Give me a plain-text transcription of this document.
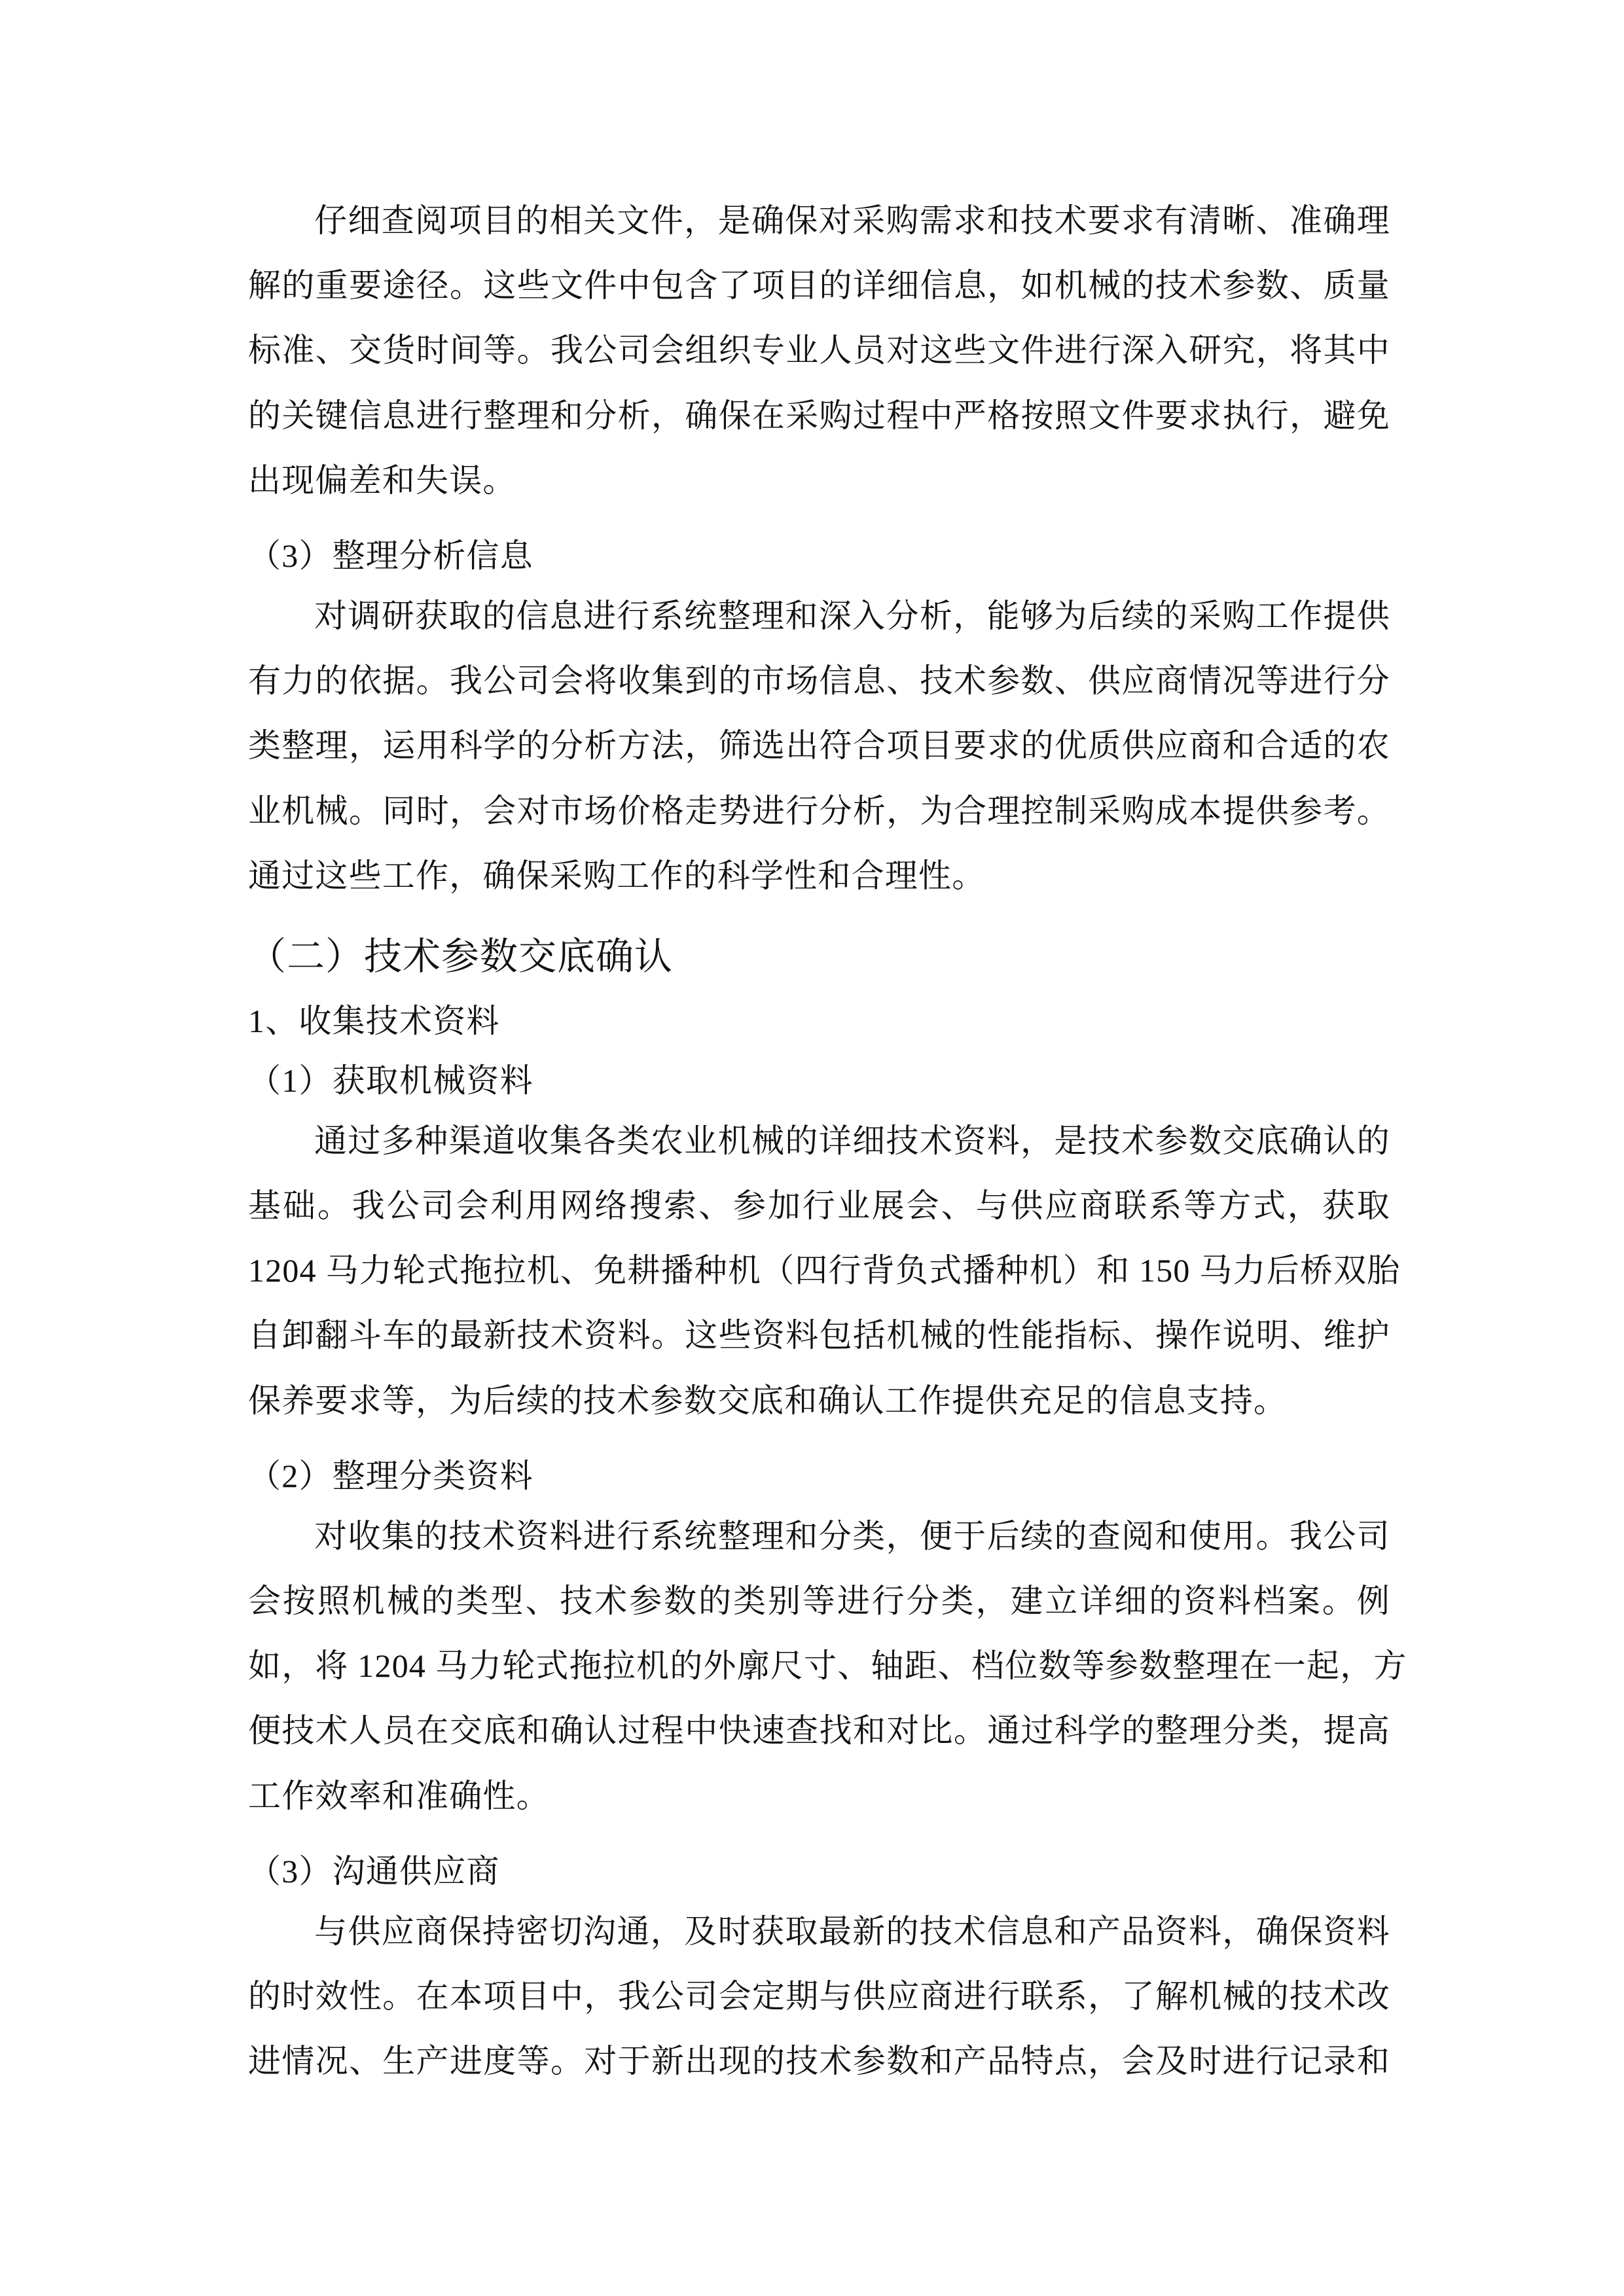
仔细查阅项目的相关文件，是确保对采购需求和技术要求有清晰、准确理
解的重要途径。这些文件中包含了项目的详细信息，如机械的技术参数、质量
标准、交货时间等。我公司会组织专业人员对这些文件进行深入研究，将其中
的关键信息进行整理和分析，确保在采购过程中严格按照文件要求执行，避免
出现偏差和失误。
（3）整理分析信息
对调研获取的信息进行系统整理和深入分析，能够为后续的采购工作提供
有力的依据。我公司会将收集到的市场信息、技术参数、供应商情况等进行分
类整理，运用科学的分析方法，筛选出符合项目要求的优质供应商和合适的农
业机械。同时，会对市场价格走势进行分析，为合理控制采购成本提供参考。
通过这些工作，确保采购工作的科学性和合理性。
（二）技术参数交底确认
1、收集技术资料
（1）获取机械资料
通过多种渠道收集各类农业机械的详细技术资料，是技术参数交底确认的
基础。我公司会利用网络搜索、参加行业展会、与供应商联系等方式，获取
1204 马力轮式拖拉机、免耕播种机（四行背负式播种机）和 150 马力后桥双胎
自卸翻斗车的最新技术资料。这些资料包括机械的性能指标、操作说明、维护
保养要求等，为后续的技术参数交底和确认工作提供充足的信息支持。
（2）整理分类资料
对收集的技术资料进行系统整理和分类，便于后续的查阅和使用。我公司
会按照机械的类型、技术参数的类别等进行分类，建立详细的资料档案。例
如，将 1204 马力轮式拖拉机的外廓尺寸、轴距、档位数等参数整理在一起，方
便技术人员在交底和确认过程中快速查找和对比。通过科学的整理分类，提高
工作效率和准确性。
（3）沟通供应商
与供应商保持密切沟通，及时获取最新的技术信息和产品资料，确保资料
的时效性。在本项目中，我公司会定期与供应商进行联系，了解机械的技术改
进情况、生产进度等。对于新出现的技术参数和产品特点，会及时进行记录和
